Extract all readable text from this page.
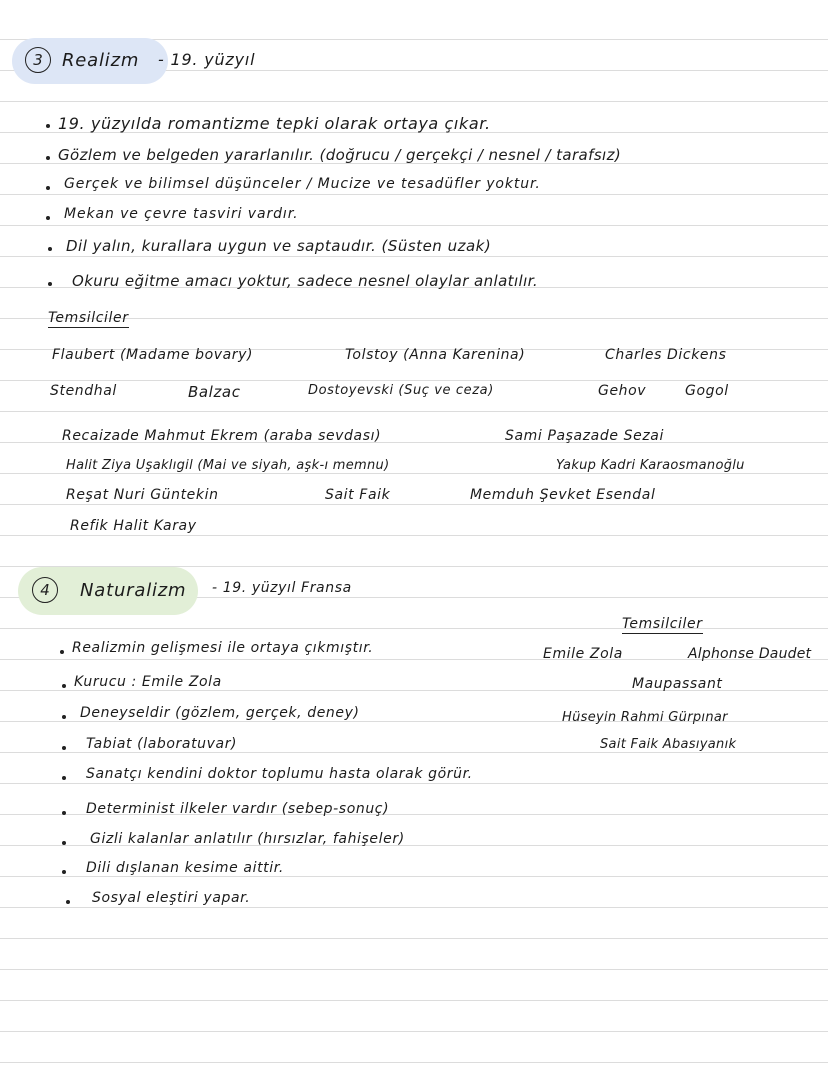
3	Realizm - 19. yüzyıl
19. yüzyılda romantizme tepki olarak ortaya çıkar.
Gözlem ve belgeden yararlanılır. (doğrucu / gerçekçi / nesnel / tarafsız)
Gerçek ve bilimsel düşünceler / Mucize ve tesadüfler yoktur.
Mekan ve çevre tasviri vardır.
Dil yalın, kurallara uygun ve saptaudır. (Süsten uzak)
Okuru eğitme amacı yoktur, sadece nesnel olaylar anlatılır.
Temsilciler
Flaubert (Madame bovary)	Tolstoy (Anna Karenina)	Charles Dickens
Stendhal	Balzac	Dostoyevski (Suç ve ceza)	Gehov	Gogol
Recaizade Mahmut Ekrem (araba sevdası)	Sami Paşazade Sezai
Halit Ziya Uşaklıgil (Mai ve siyah, aşk-ı memnu)	Yakup Kadri Karaosmanoğlu
Reşat Nuri Güntekin	Sait Faik	Memduh Şevket Esendal
Refik Halit Karay
4	Naturalizm - 19. yüzyıl Fransa
Realizmin gelişmesi ile ortaya çıkmıştır.
Kurucu : Emile Zola
Deneyseldir (gözlem, gerçek, deney)
Tabiat (laboratuvar)
Sanatçı kendini doktor toplumu hasta olarak görür.
Determinist ilkeler vardır (sebep-sonuç)
Gizli kalanlar anlatılır (hırsızlar, fahişeler)
Dili dışlanan kesime aittir.
Sosyal eleştiri yapar.
Temsilciler
Emile Zola	Alphonse Daudet
Maupassant
Hüseyin Rahmi Gürpınar
Sait Faik Abasıyanık
